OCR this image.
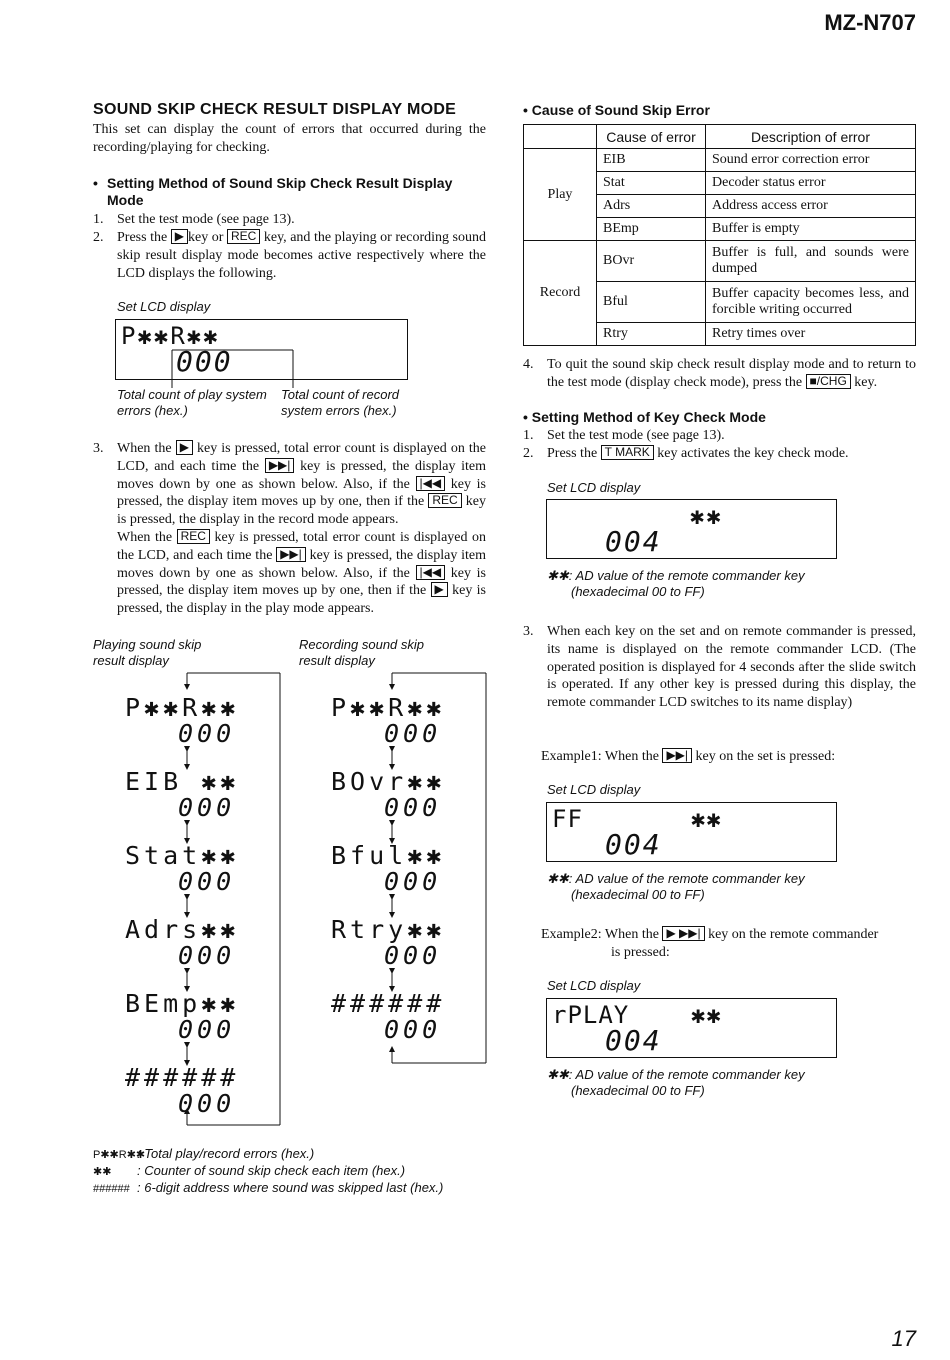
MZ-N707
SOUND SKIP CHECK RESULT DISPLAY MODE
This set can display the count of errors that occurred during the recording/playing for checking.
• Setting Method of Sound Skip Check Result Display Mode
1. Set the test mode (see page 13).
2. Press the ▶ key or REC key, and the playing or recording sound skip result display mode becomes active respectively where the LCD displays the following.
Set LCD display
P✱✱R✱✱
000
Total count of play system errors (hex.)
Total count of record system errors (hex.)
3. When the ▶ key is pressed, total error count is displayed on the LCD, and each time the ▶▶| key is pressed, the display item moves down by one as shown below. Also, if the |◀◀ key is pressed, the display item moves up by one, then if the REC key is pressed, the display in the record mode appears.
When the REC key is pressed, total error count is displayed on the LCD, and each time the ▶▶| key is pressed, the display item moves down by one as shown below. Also, if the |◀◀ key is pressed, the display item moves up by one, then if the ▶ key is pressed, the display in the play mode appears.
Playing sound skip result display
Recording sound skip result display
P✱✱R✱✱
000
EIB ✱✱
000
Stat✱✱
000
Adrs✱✱
000
BEmp✱✱
000
######
000
P✱✱R✱✱
000
BOvr✱✱
000
Bful✱✱
000
Rtry✱✱
000
######
000
P✱✱R✱✱: Total play/record errors (hex.)
✱✱ : Counter of sound skip check each item (hex.)
###### : 6-digit address where sound was skipped last (hex.)
• Cause of Sound Skip Error
	Cause of error	Description of error
Play	EIB	Sound error correction error
	Stat	Decoder status error
	Adrs	Address access error
	BEmp	Buffer is empty
Record	BOvr	Buffer is full, and sounds were dumped
	Bful	Buffer capacity becomes less, and forcible writing occurred
	Rtry	Retry times over
4. To quit the sound skip check result display mode and to return to the test mode (display check mode), press the ■/CHG key.
• Setting Method of Key Check Mode
1. Set the test mode (see page 13).
2. Press the T MARK key activates the key check mode.
Set LCD display
✱✱
004
✱✱: AD value of the remote commander key
(hexadecimal 00 to FF)
3. When each key on the set and on remote commander is pressed, its name is displayed on the remote commander LCD. (The operated position is displayed for 4 seconds after the slide switch is operated. If any other key is pressed during this display, the remote commander LCD switches to its name display)
Example1: When the ▶▶| key on the set is pressed:
Set LCD display
FF       ✱✱
004
✱✱: AD value of the remote commander key
(hexadecimal 00 to FF)
Example2: When the ▶ ▶▶| key on the remote commander
is pressed:
Set LCD display
rPLAY    ✱✱
004
✱✱: AD value of the remote commander key
(hexadecimal 00 to FF)
17
